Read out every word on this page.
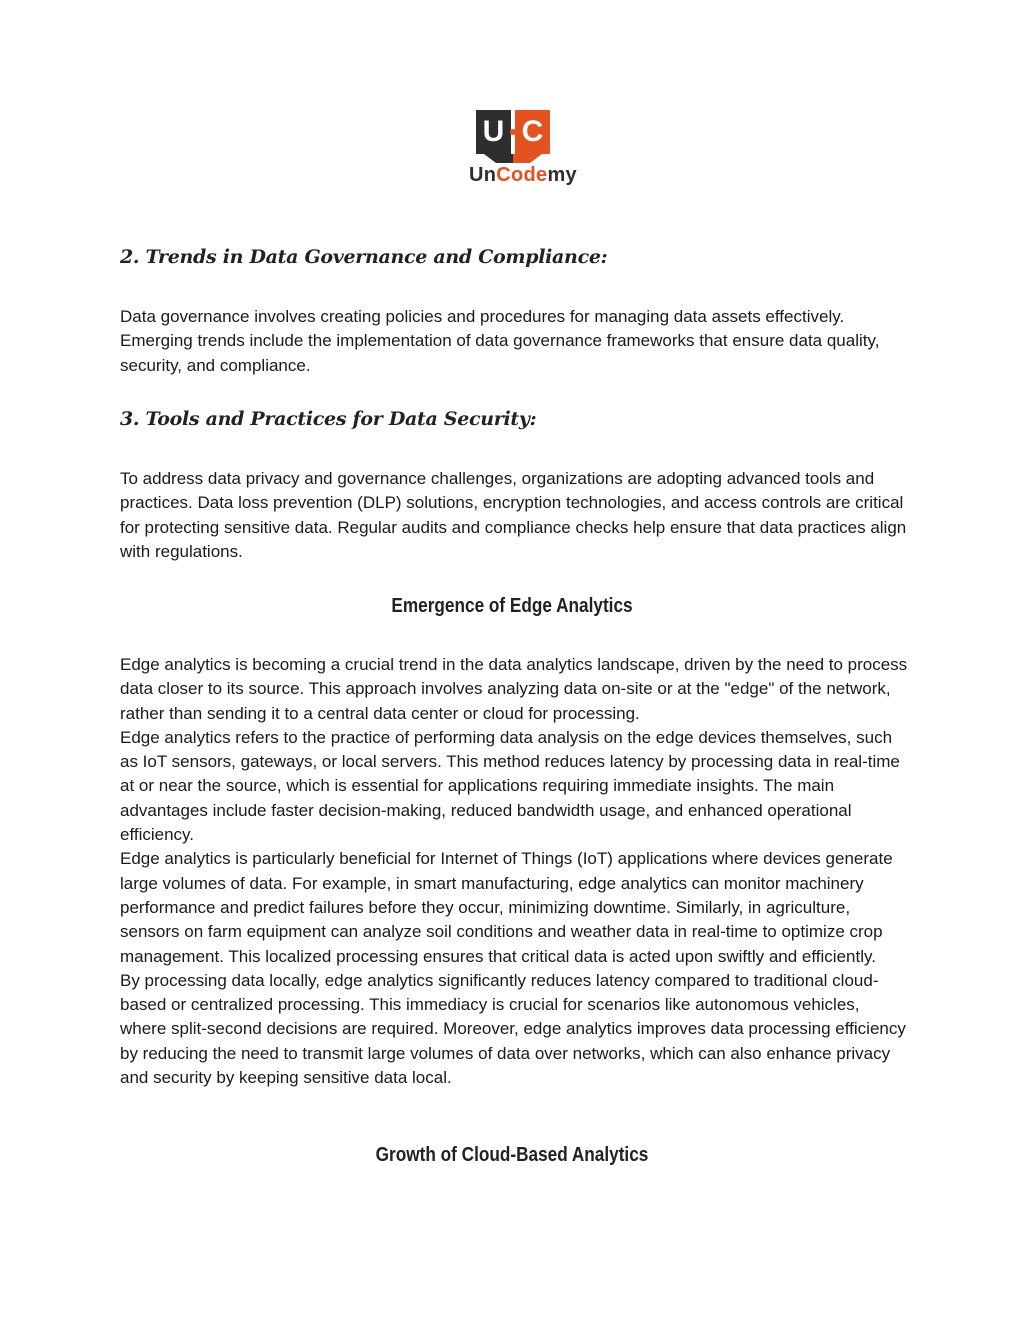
U C
UnCodemy
2. Trends in Data Governance and Compliance:

Data governance involves creating policies and procedures for managing data assets effectively. Emerging trends include the implementation of data governance frameworks that ensure data quality, security, and compliance.

3. Tools and Practices for Data Security:

To address data privacy and governance challenges, organizations are adopting advanced tools and practices. Data loss prevention (DLP) solutions, encryption technologies, and access controls are critical for protecting sensitive data. Regular audits and compliance checks help ensure that data practices align with regulations.

Emergence of Edge Analytics

Edge analytics is becoming a crucial trend in the data analytics landscape, driven by the need to process data closer to its source. This approach involves analyzing data on-site or at the "edge" of the network, rather than sending it to a central data center or cloud for processing.

Edge analytics refers to the practice of performing data analysis on the edge devices themselves, such as IoT sensors, gateways, or local servers. This method reduces latency by processing data in real-time at or near the source, which is essential for applications requiring immediate insights. The main advantages include faster decision-making, reduced bandwidth usage, and enhanced operational efficiency.

Edge analytics is particularly beneficial for Internet of Things (IoT) applications where devices generate large volumes of data. For example, in smart manufacturing, edge analytics can monitor machinery performance and predict failures before they occur, minimizing downtime. Similarly, in agriculture, sensors on farm equipment can analyze soil conditions and weather data in real-time to optimize crop management. This localized processing ensures that critical data is acted upon swiftly and efficiently.

By processing data locally, edge analytics significantly reduces latency compared to traditional cloud-based or centralized processing. This immediacy is crucial for scenarios like autonomous vehicles, where split-second decisions are required. Moreover, edge analytics improves data processing efficiency by reducing the need to transmit large volumes of data over networks, which can also enhance privacy and security by keeping sensitive data local.

Growth of Cloud-Based Analytics
